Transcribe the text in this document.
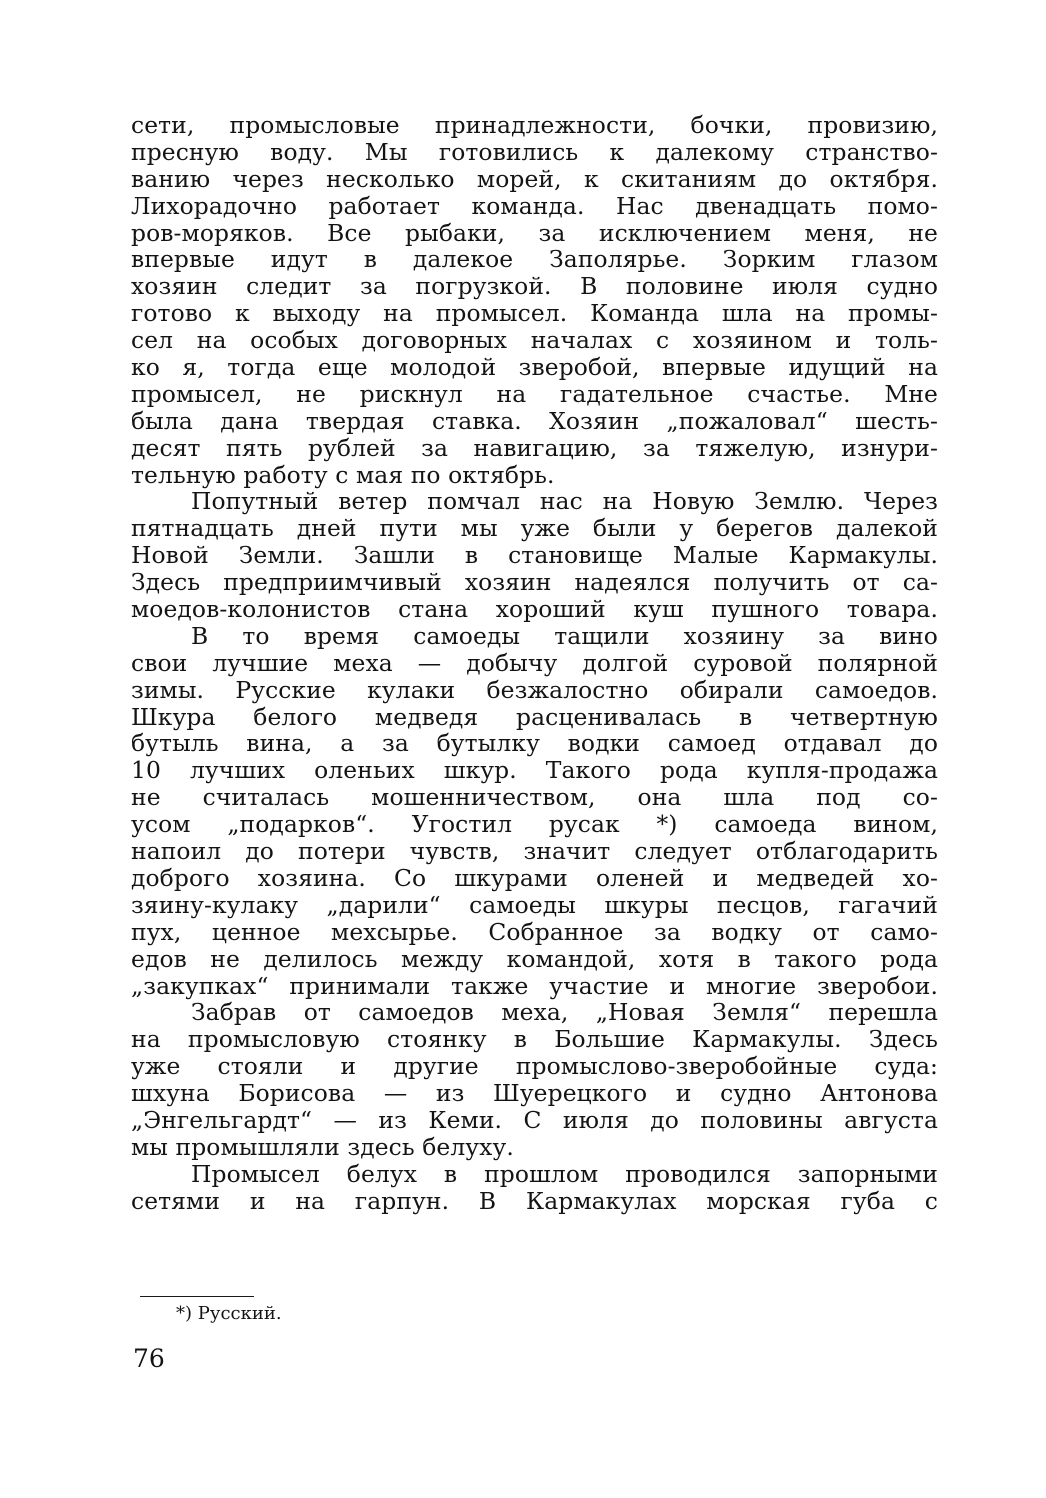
сети, промысловые принадлежности, бочки, провизию,
пресную воду. Мы готовились к далекому странство-
ванию через несколько морей, к скитаниям до октября.
Лихорадочно работает команда. Нас двенадцать помо-
ров-моряков. Все рыбаки, за исключением меня, не
впервые идут в далекое Заполярье. Зорким глазом
хозяин следит за погрузкой. В половине июля судно
готово к выходу на промысел. Команда шла на промы-
сел на особых договорных началах с хозяином и толь-
ко я, тогда еще молодой зверобой, впервые идущий на
промысел, не рискнул на гадательное счастье. Мне
была дана твердая ставка. Хозяин „пожаловал“ шесть-
десят пять рублей за навигацию, за тяжелую, изнури-
тельную работу с мая по октябрь.
Попутный ветер помчал нас на Новую Землю. Через
пятнадцать дней пути мы уже были у берегов далекой
Новой Земли. Зашли в становище Малые Кармакулы.
Здесь предприимчивый хозяин надеялся получить от са-
моедов-колонистов стана хороший куш пушного товара.
В то время самоеды тащили хозяину за вино
свои лучшие меха — добычу долгой суровой полярной
зимы. Русские кулаки безжалостно обирали самоедов.
Шкура белого медведя расценивалась в четвертную
бутыль вина, а за бутылку водки самоед отдавал до
10 лучших оленьих шкур. Такого рода купля-продажа
не считалась мошенничеством, она шла под со-
усом „подарков“. Угостил русак *) самоеда вином,
напоил до потери чувств, значит следует отблагодарить
доброго хозяина. Со шкурами оленей и медведей хо-
зяину-кулаку „дарили“ самоеды шкуры песцов, гагачий
пух, ценное мехсырье. Собранное за водку от само-
едов не делилось между командой, хотя в такого рода
„закупках“ принимали также участие и многие зверобои.
Забрав от самоедов меха, „Новая Земля“ перешла
на промысловую стоянку в Большие Кармакулы. Здесь
уже стояли и другие промыслово-зверобойные суда:
шхуна Борисова — из Шуерецкого и судно Антонова
„Энгельгардт“ — из Кеми. С июля до половины августа
мы промышляли здесь белуху.
Промысел белух в прошлом проводился запорными
сетями и на гарпун. В Кармакулах морская губа с
*) Русский.
76
